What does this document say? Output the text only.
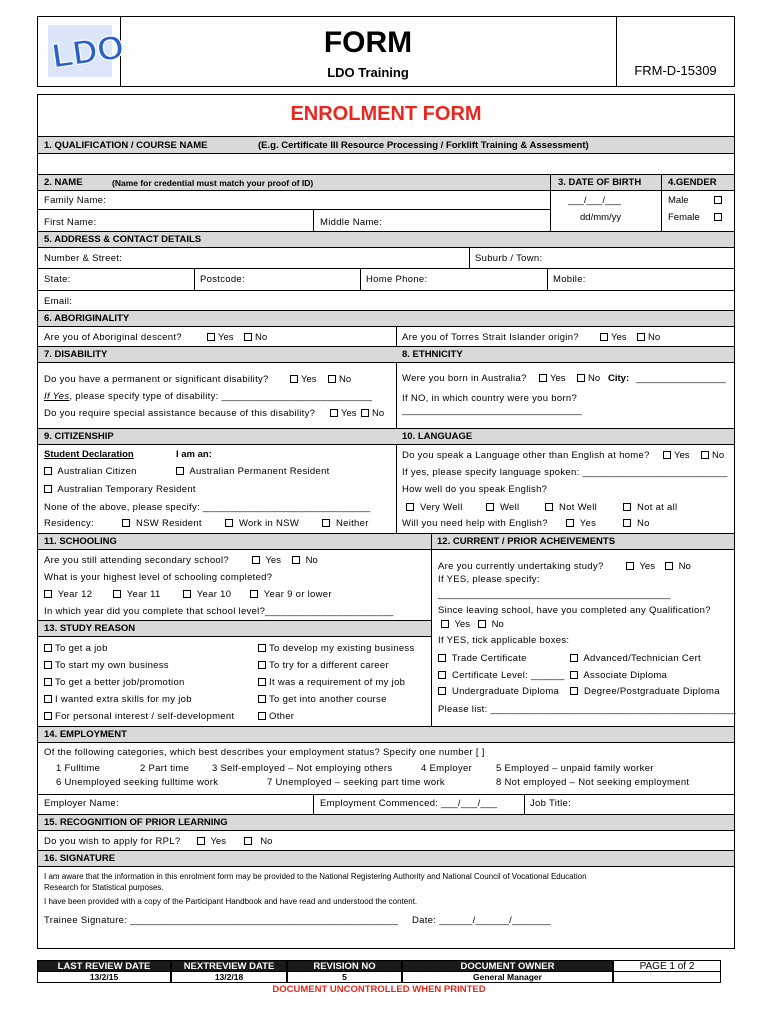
LDO	FORM
LDO Training	FRM-D-15309
ENROLMENT FORM
1. QUALIFICATION / COURSE NAME	(E.g. Certificate III Resource Processing / Forklift Training & Assessment)
2. NAME	(Name for credential must match your proof of ID)	3. DATE OF BIRTH	4.GENDER
Family Name:
First Name:	Middle Name:
___/___/___
dd/mm/yy
Male
Female
5. ADDRESS & CONTACT DETAILS
Number & Street:	Suburb / Town:
State:	Postcode:	Home Phone:	Mobile:
Email:
6. ABORIGINALITY
Are you of Aboriginal descent?	Yes	No	Are you of Torres Strait Islander origin?	Yes	No
7. DISABILITY	8. ETHNICITY
Do you have a permanent or significant disability?	Yes	No
If Yes, please specify type of disability: ___________________________
Do you require special assistance because of this disability?	Yes	No
Were you born in Australia?	Yes	No City: _________________
If NO, in which country were you born?
__________________________________
9. CITIZENSHIP	10. LANGUAGE
Student Declaration	I am an:
Australian Citizen	Australian Permanent Resident
Australian Temporary Resident
None of the above, please specify: ______________________________
Residency:	NSW Resident	Work in NSW	Neither
Do you speak a Language other than English at home?	Yes	No
If yes, please specify language spoken: __________________________
How well do you speak English?
Very Well	Well	Not Well	Not at all
Will you need help with English?	Yes	No
11. SCHOOLING	12. CURRENT / PRIOR ACHEIVEMENTS
Are you still attending secondary school?	Yes	No
What is your highest level of schooling completed?
Year 12	Year 11	Year 10	Year 9 or lower
In which year did you complete that school level?_______________________
Are you currently undertaking study?	Yes	No
If YES, please specify:
____________________________________________
Since leaving school, have you completed any Qualification?
Yes	No
If YES, tick applicable boxes:
Trade Certificate	Advanced/Technician Cert
Certificate Level: ______	Associate Diploma
Undergraduate Diploma	Degree/Postgraduate Diploma
Please list: ____________________________________________
13. STUDY REASON
To get a job
To start my own business
To get a better job/promotion
I wanted extra skills for my job
For personal interest / self-development
To develop my existing business
To try for a different career
It was a requirement of my job
To get into another course
Other
14. EMPLOYMENT
Of the following categories, which best describes your employment status? Specify one number [ ]
1 Fulltime	2 Part time 3 Self-employed – Not employing others	4 Employer	5 Employed – unpaid family worker
6 Unemployed seeking fulltime work	7 Unemployed – seeking part time work	8 Not employed – Not seeking employment
Employer Name:	Employment Commenced: ___/___/___	Job Title:
15. RECOGNITION OF PRIOR LEARNING
Do you wish to apply for RPL?	Yes	No
16. SIGNATURE
I am aware that the information in this enrolment form may be provided to the National Registering Authority and National Council of Vocational Education
Research for Statistical purposes.
I have been provided with a copy of the Participant Handbook and have read and understood the content.
Trainee Signature: ________________________________________________ Date: ______/______/_______
LAST REVIEW DATE	NEXTREVIEW DATE	REVISION NO	DOCUMENT OWNER	PAGE 1 of 2
13/2/15	13/2/18	5	General Manager
DOCUMENT UNCONTROLLED WHEN PRINTED
